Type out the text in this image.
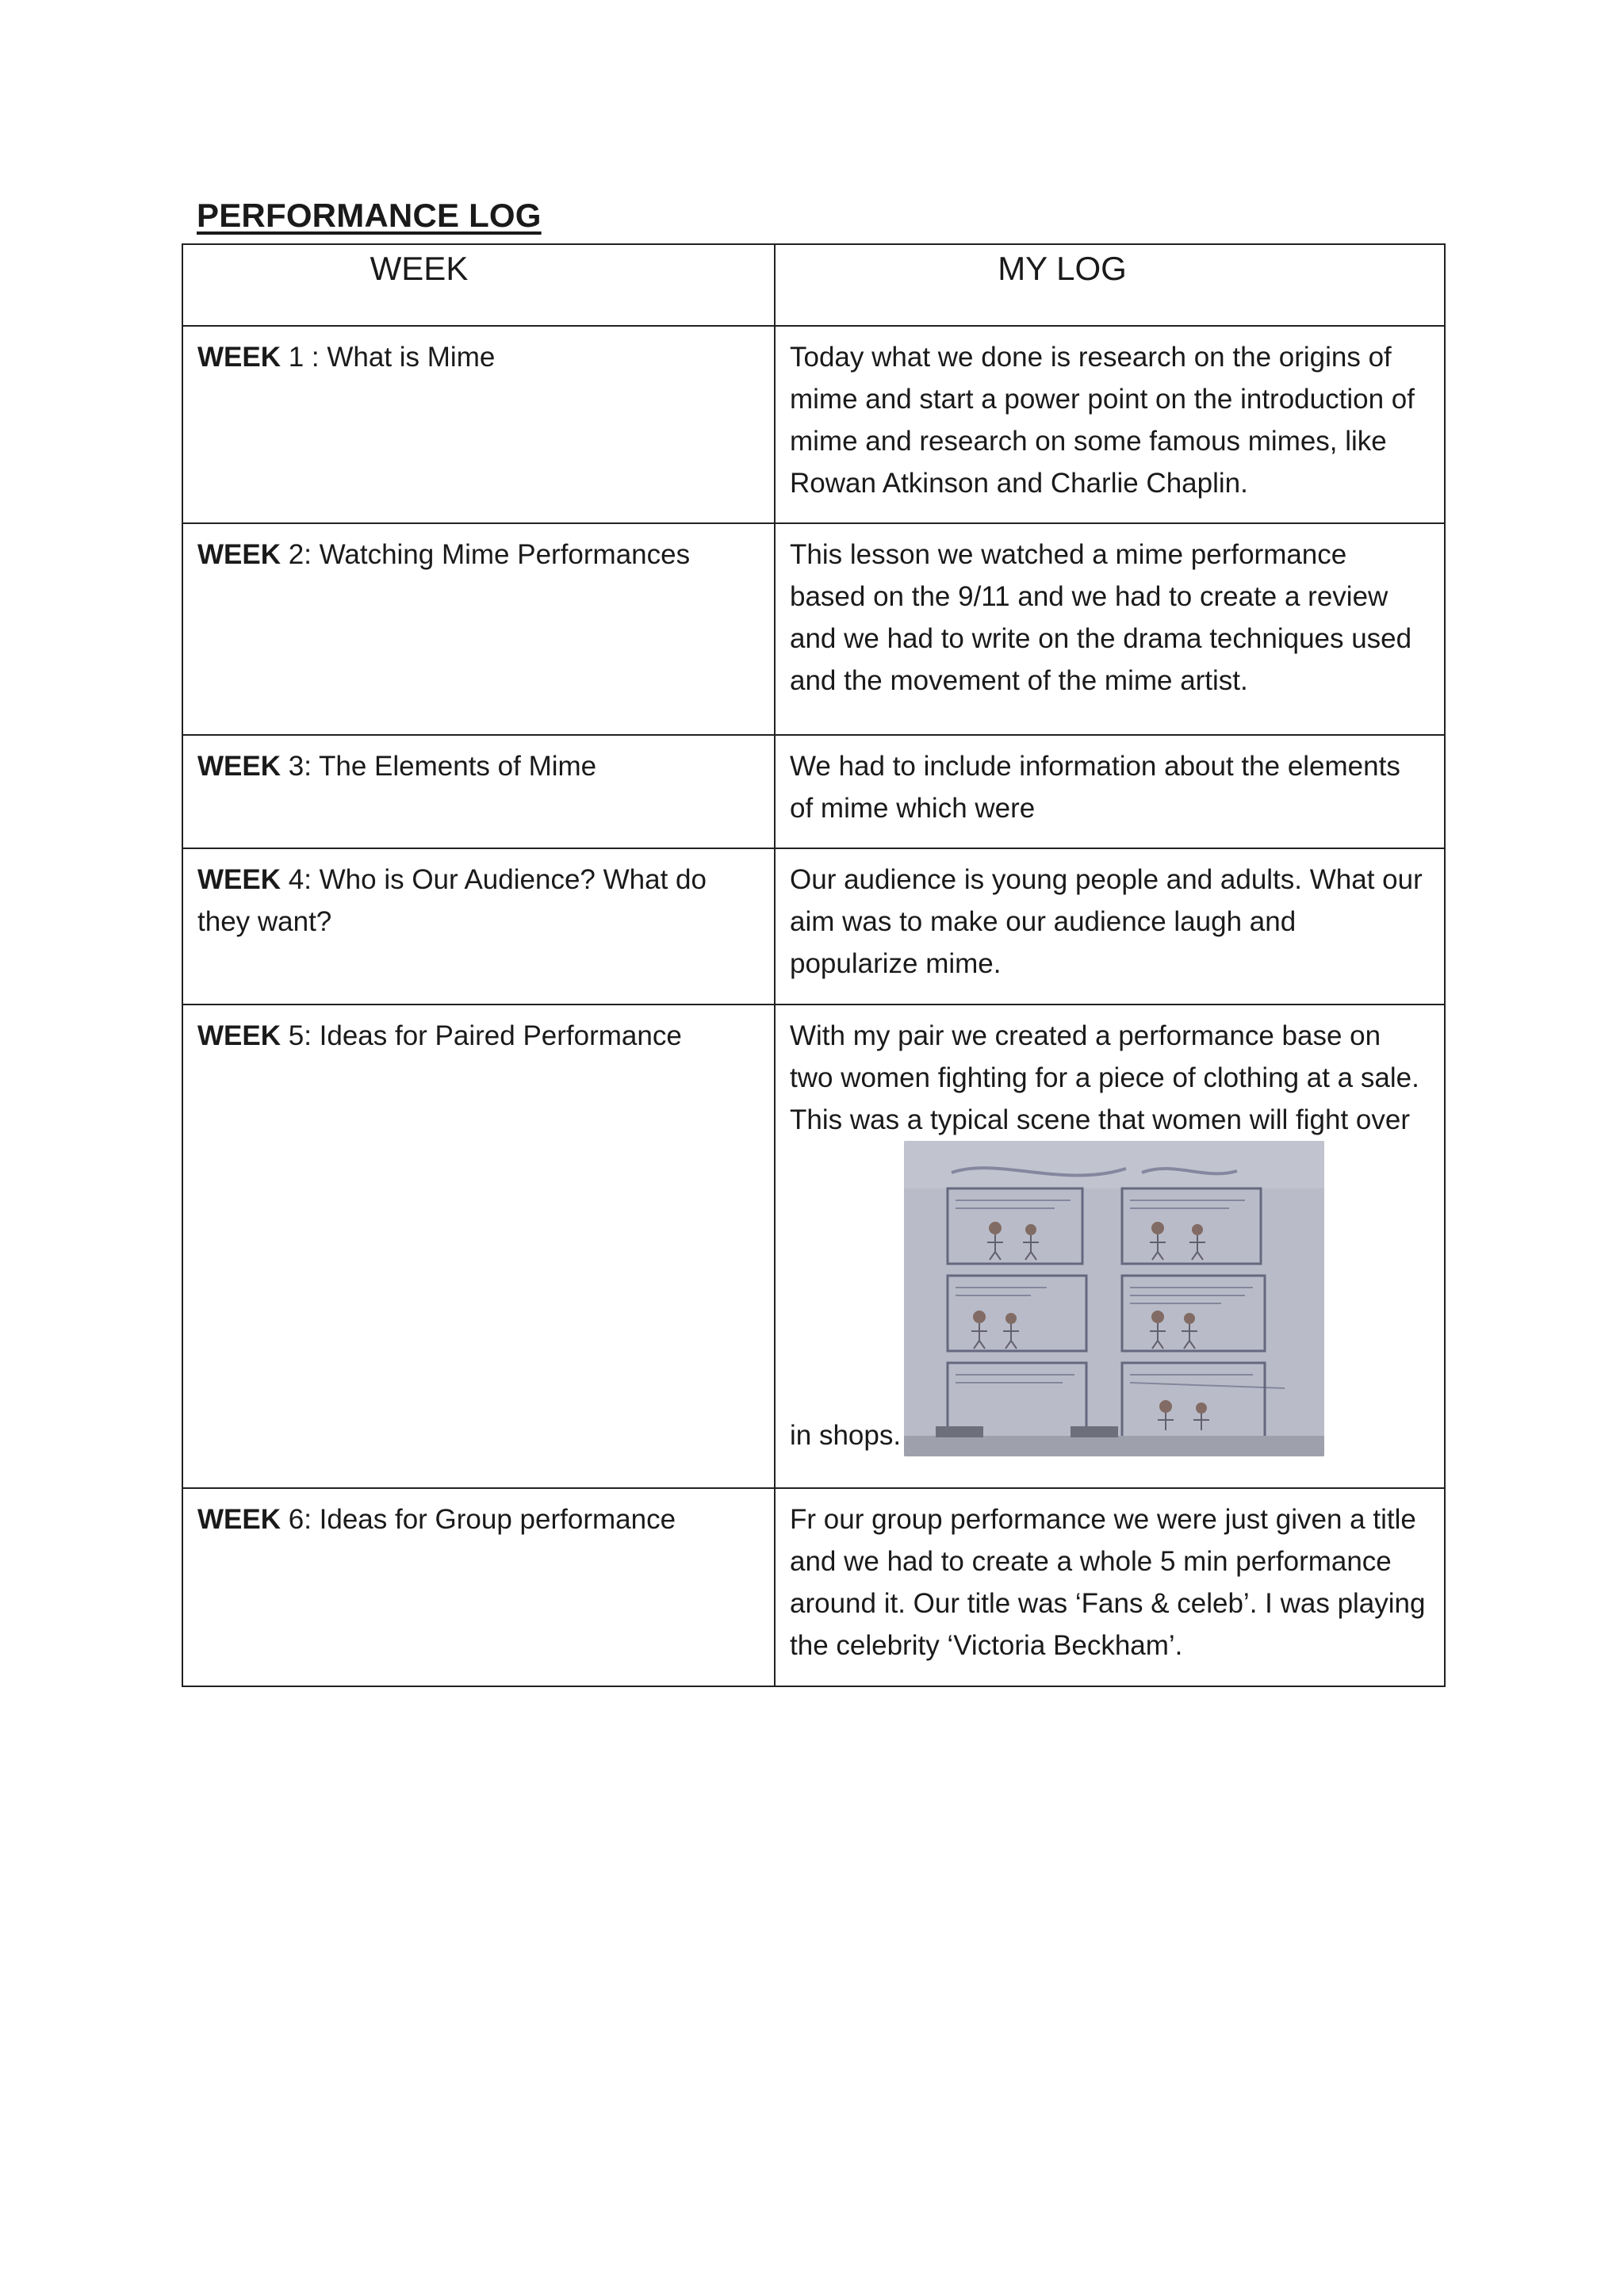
PERFORMANCE LOG
WEEK	MY LOG

WEEK 1 : What is Mime	Today what we done is research on the origins of mime and start a power point on the introduction of mime and research on some famous mimes, like Rowan Atkinson and Charlie Chaplin.

WEEK 2: Watching Mime Performances	This lesson we watched a mime performance based on the 9/11 and we had to create a review and we had to write on the drama techniques used and the movement of the mime artist.

WEEK 3: The Elements of Mime	We had to include information about the elements of mime which were

WEEK 4: Who is Our Audience? What do they want?	Our audience is young people and adults. What our aim was to make our audience laugh and popularize mime.

WEEK 5: Ideas for Paired Performance	With my pair we created a performance base on two women fighting for a piece of clothing at a sale. This was a typical scene that women will fight over
in shops.

WEEK 6: Ideas for Group performance	Fr our group performance we were just given a title and we had to create a whole 5 min performance around it. Our title was ‘Fans & celeb’. I was playing the celebrity ‘Victoria Beckham’.
